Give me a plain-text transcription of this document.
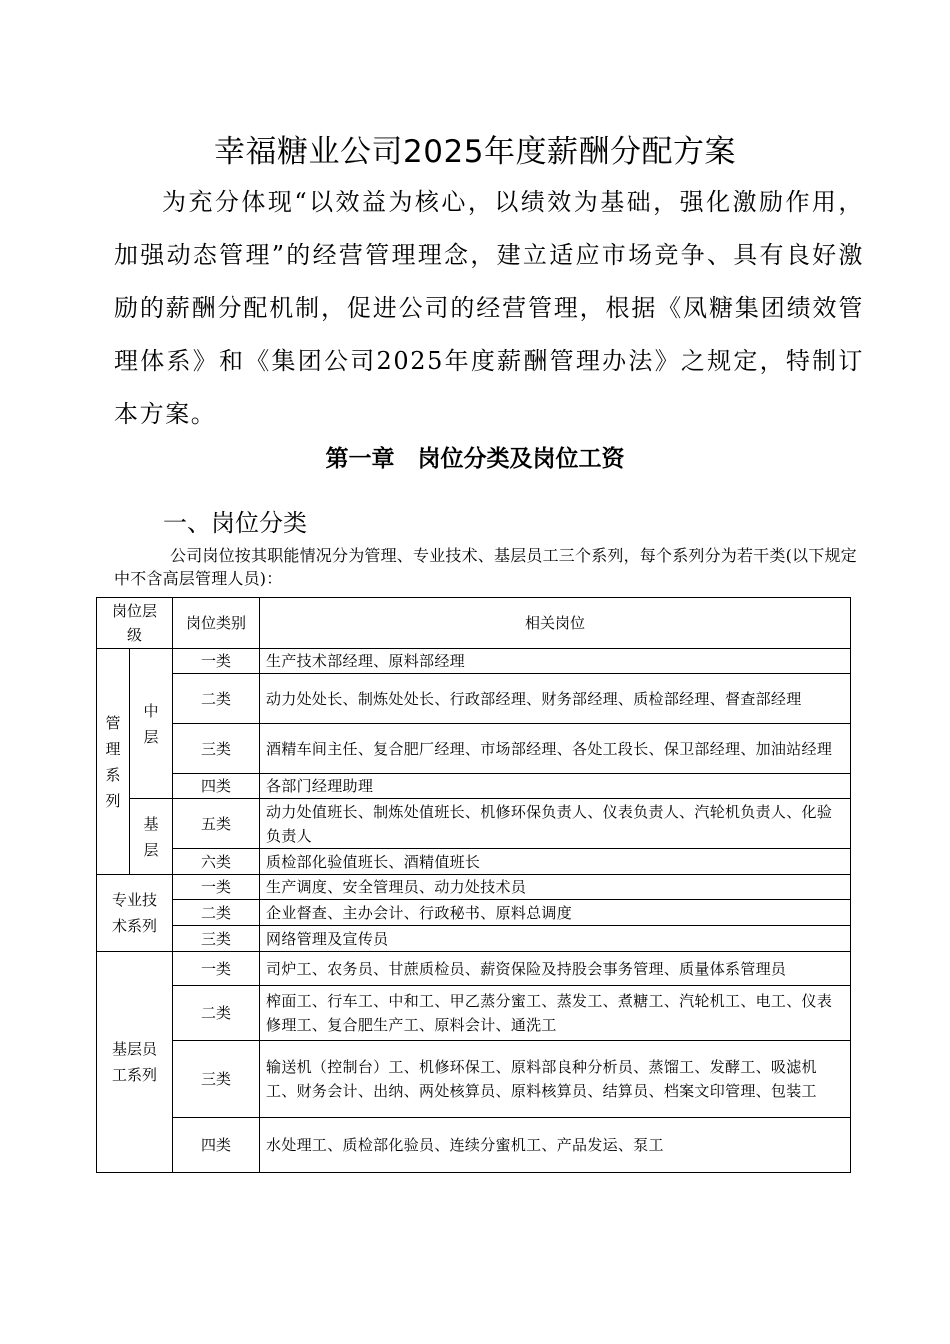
幸福糖业公司2025年度薪酬分配方案

为充分体现“以效益为核心，以绩效为基础，强化激励作用，加强动态管理”的经营管理理念，建立适应市场竞争、具有良好激励的薪酬分配机制，促进公司的经营管理，根据《凤糖集团绩效管理体系》和《集团公司2025年度薪酬管理办法》之规定，特制订本方案。

第一章　岗位分类及岗位工资
一、岗位分类

公司岗位按其职能情况分为管理、专业技术、基层员工三个系列，每个系列分为若干类(以下规定中不含高层管理人员)：

岗位层级		岗位类别	相关岗位
管理系列	中层	一类	生产技术部经理、原料部经理
		二类	动力处处长、制炼处处长、行政部经理、财务部经理、质检部经理、督查部经理
		三类	酒精车间主任、复合肥厂经理、市场部经理、各处工段长、保卫部经理、加油站经理
		四类	各部门经理助理
	基层	五类	动力处值班长、制炼处值班长、机修环保负责人、仪表负责人、汽轮机负责人、化验负责人
		六类	质检部化验值班长、酒精值班长
专业技术系列		一类	生产调度、安全管理员、动力处技术员
		二类	企业督查、主办会计、行政秘书、原料总调度
		三类	网络管理及宣传员
基层员工系列		一类	司炉工、农务员、甘蔗质检员、薪资保险及持股会事务管理、质量体系管理员
		二类	榨面工、行车工、中和工、甲乙蒸分蜜工、蒸发工、煮糖工、汽轮机工、电工、仪表修理工、复合肥生产工、原料会计、通洗工
		三类	输送机（控制台）工、机修环保工、原料部良种分析员、蒸馏工、发酵工、吸滤机工、财务会计、出纳、两处核算员、原料核算员、结算员、档案文印管理、包装工
		四类	水处理工、质检部化验员、连续分蜜机工、产品发运、泵工
